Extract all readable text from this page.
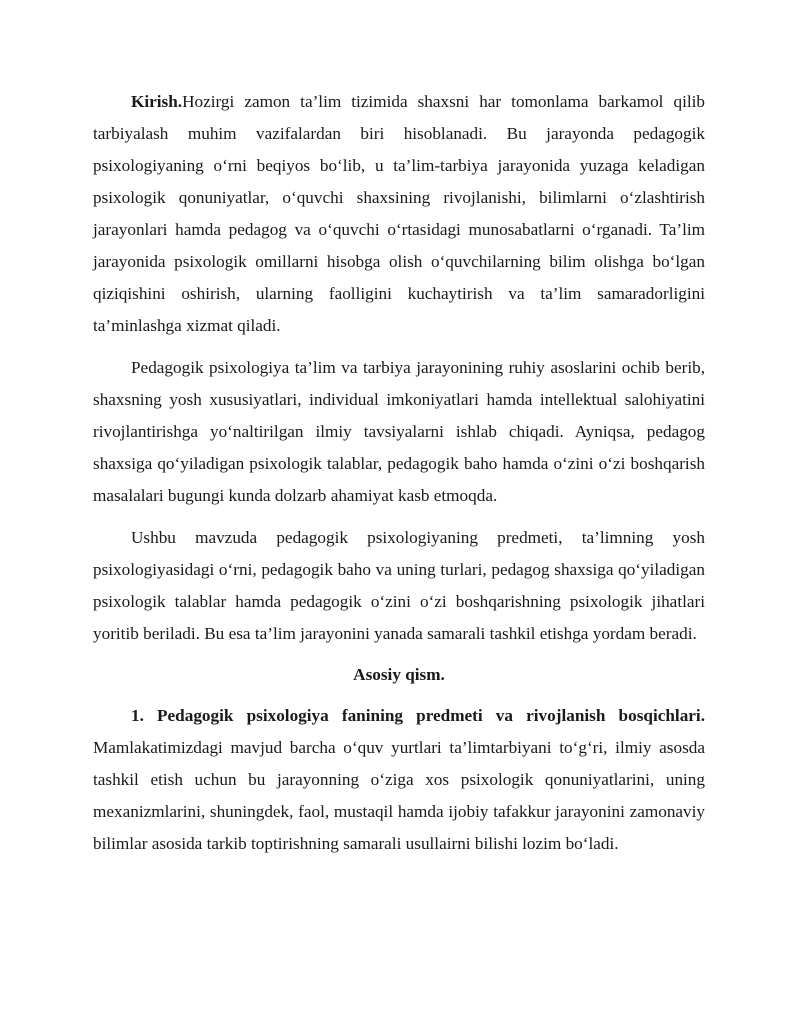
Kirish.Hozirgi zamon ta’lim tizimida shaxsni har tomonlama barkamol qilib tarbiyalash muhim vazifalardan biri hisoblanadi. Bu jarayonda pedagogik psixologiyaning o‘rni beqiyos bo‘lib, u ta’lim-tarbiya jarayonida yuzaga keladigan psixologik qonuniyatlar, o‘quvchi shaxsining rivojlanishi, bilimlarni o‘zlashtirish jarayonlari hamda pedagog va o‘quvchi o‘rtasidagi munosabatlarni o‘rganadi. Ta’lim jarayonida psixologik omillarni hisobga olish o‘quvchilarning bilim olishga bo‘lgan qiziqishini oshirish, ularning faolligini kuchaytirish va ta’lim samaradorligini ta’minlashga xizmat qiladi.

Pedagogik psixologiya ta’lim va tarbiya jarayonining ruhiy asoslarini ochib berib, shaxsning yosh xususiyatlari, individual imkoniyatlari hamda intellektual salohiyatini rivojlantirishga yo‘naltirilgan ilmiy tavsiyalarni ishlab chiqadi. Ayniqsa, pedagog shaxsiga qo‘yiladigan psixologik talablar, pedagogik baho hamda o‘zini o‘zi boshqarish masalalari bugungi kunda dolzarb ahamiyat kasb etmoqda.

Ushbu mavzuda pedagogik psixologiyaning predmeti, ta’limning yosh psixologiyasidagi o‘rni, pedagogik baho va uning turlari, pedagog shaxsiga qo‘yiladigan psixologik talablar hamda pedagogik o‘zini o‘zi boshqarishning psixologik jihatlari yoritib beriladi. Bu esa ta’lim jarayonini yanada samarali tashkil etishga yordam beradi.

Asosiy qism.

1. Pedagogik psixologiya fanining predmeti va rivojlanish bosqichlari. Mamlakatimizdagi mavjud barcha o‘quv yurtlari ta’limtarbiyani to‘g‘ri, ilmiy asosda tashkil etish uchun bu jarayonning o‘ziga xos psixologik qonuniyatlarini, uning mexanizmlarini, shuningdek, faol, mustaqil hamda ijobiy tafakkur jarayonini zamonaviy bilimlar asosida tarkib toptirishning samarali usullairni bilishi lozim bo‘ladi.
